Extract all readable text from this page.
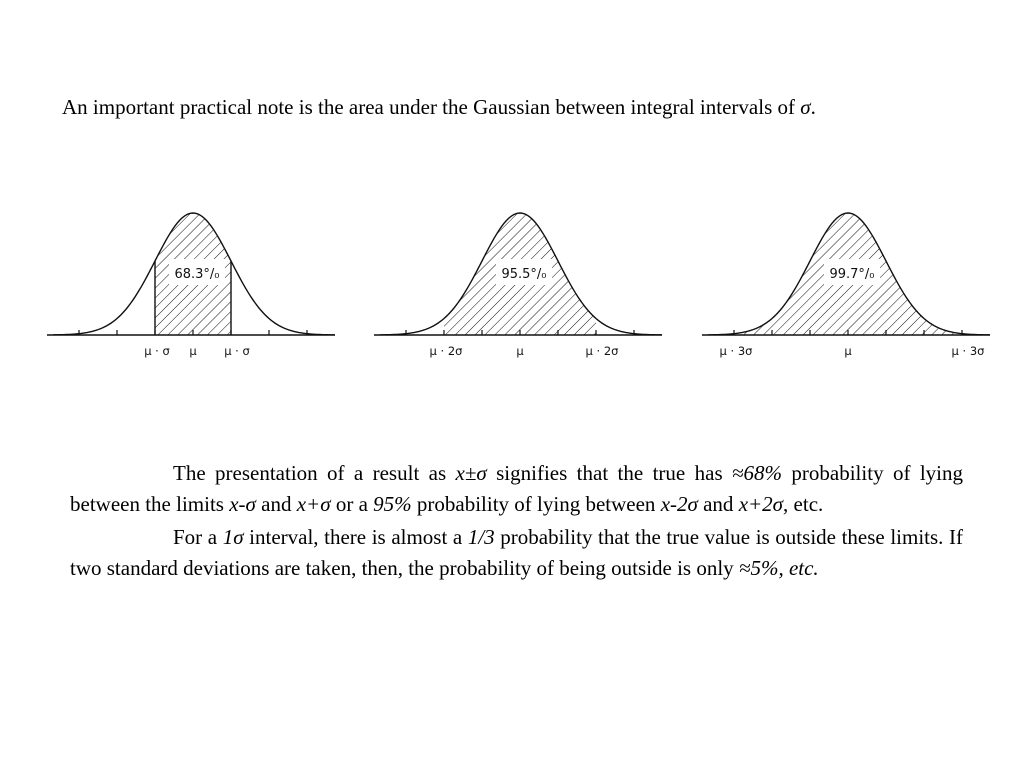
An important practical note is the area under the Gaussian between integral intervals of σ.
68.3°/₀
μ · σ μ μ · σ
95.5°/₀
μ · 2σ	μ	μ · 2σ
99.7°/₀
μ · 3σ	μ	μ · 3σ

The presentation of a result as x±σ signifies that the true has ≈68% probability of lying between the limits x-σ and x+σ or a 95% probability of lying between x-2σ and x+2σ, etc.

For a 1σ interval, there is almost a 1/3 probability that the true value is outside these limits. If two standard deviations are taken, then, the probability of being outside is only ≈5%, etc.
